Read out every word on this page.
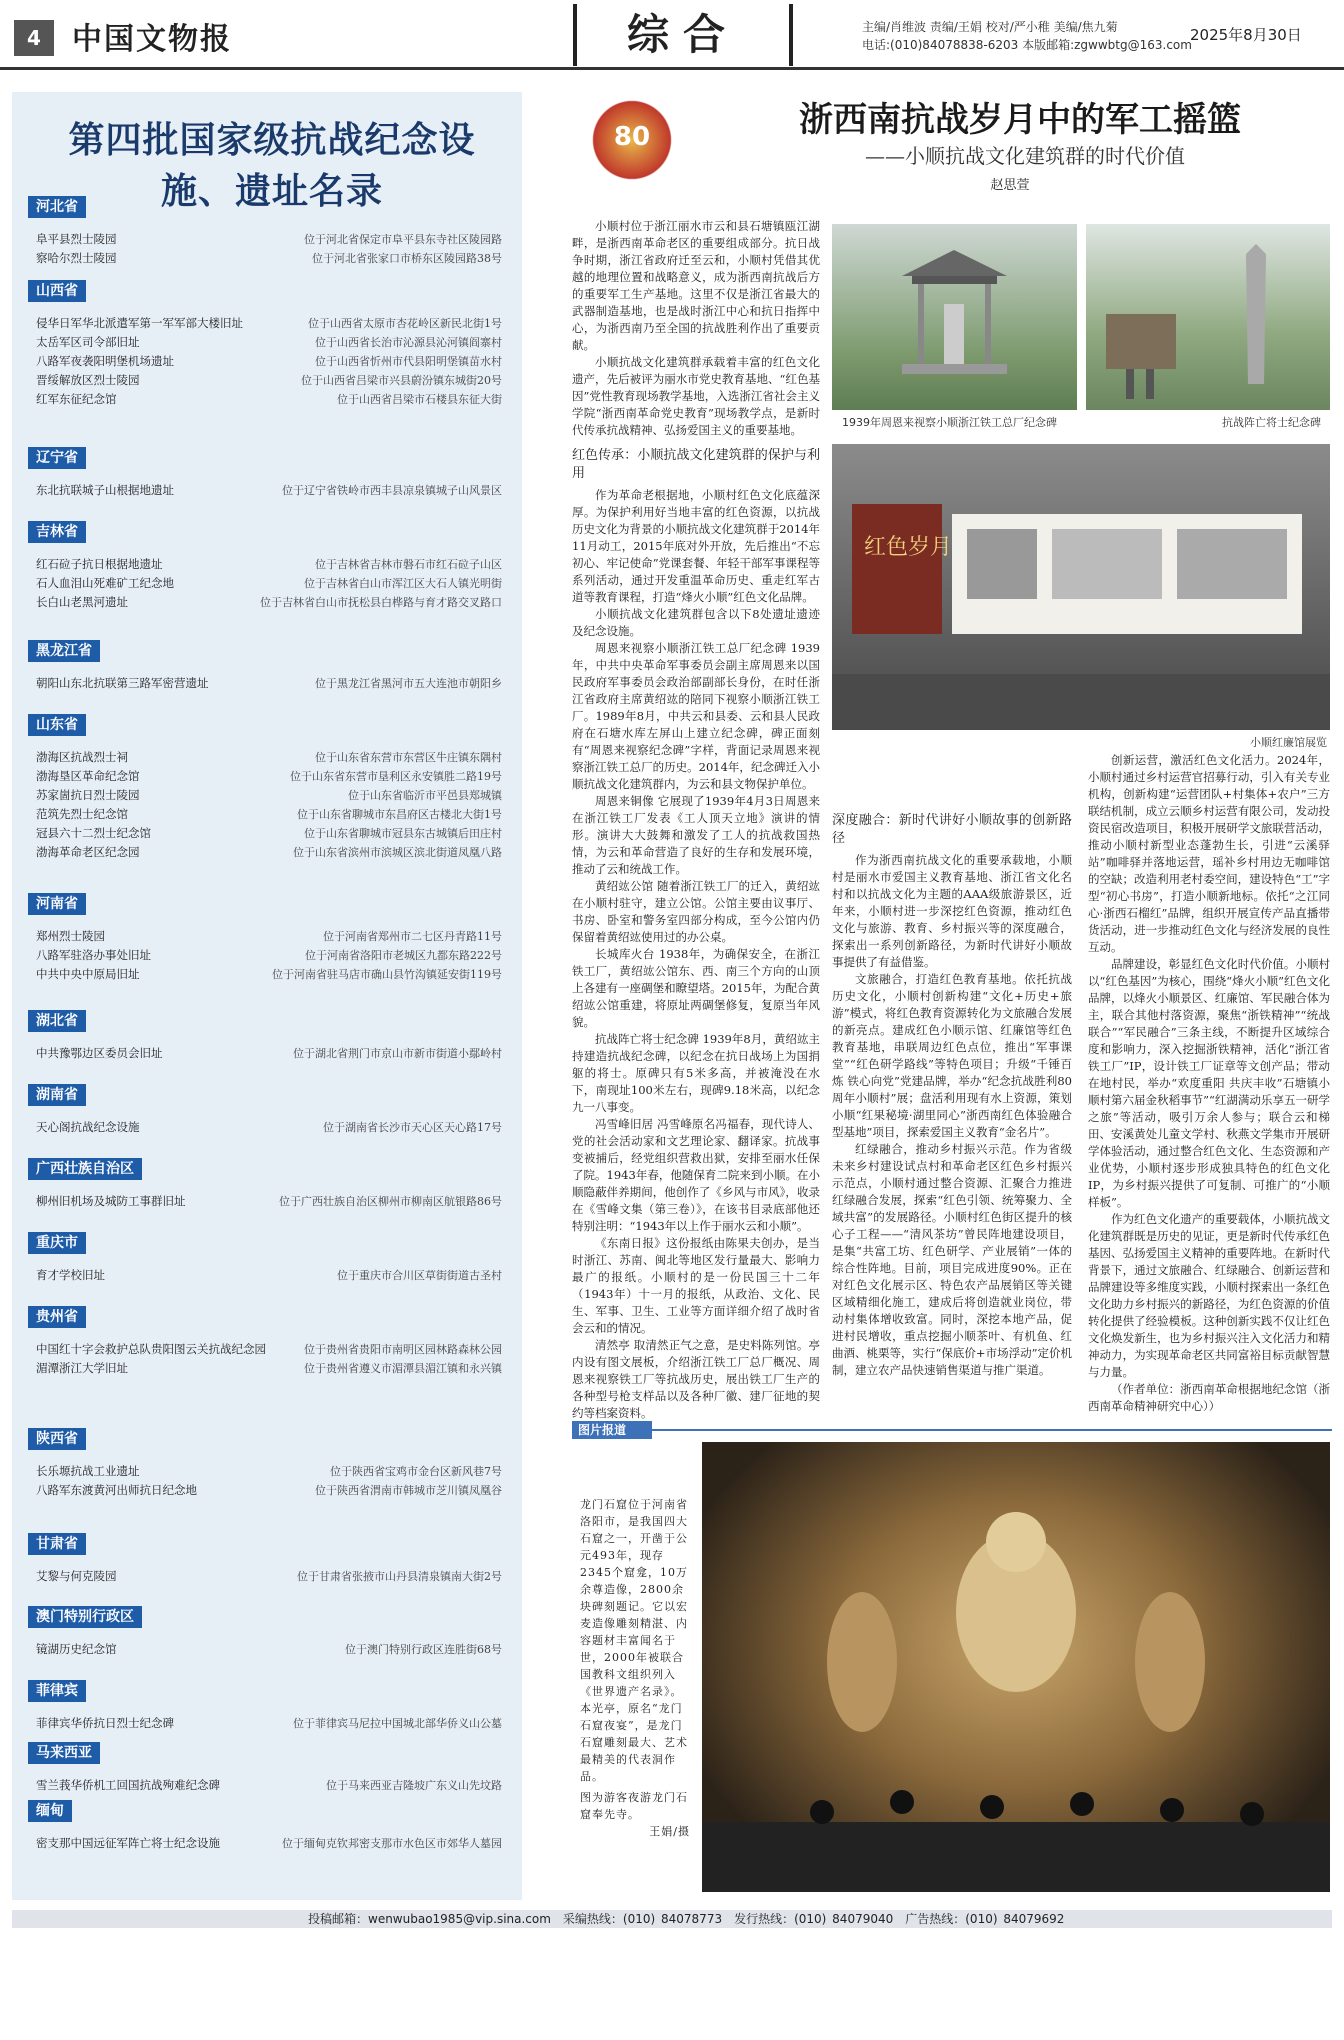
4	中国文物报	综合	主编/肖维波 责编/王娟 校对/严小稚 美编/焦九菊
电话:(010)84078838-6203 本版邮箱:zgwwbtg@163.com
2025年8月30日
第四批国家级抗战纪念设施、遗址名录
河北省
阜平县烈士陵园	位于河北省保定市阜平县东寺社区陵园路
察哈尔烈士陵园	位于河北省张家口市桥东区陵园路38号
山西省
侵华日军华北派遣军第一军军部大楼旧址	位于山西省太原市杏花岭区新民北街1号
太岳军区司令部旧址	位于山西省长治市沁源县沁河镇阎寨村
八路军夜袭阳明堡机场遗址	位于山西省忻州市代县阳明堡镇苗水村
晋绥解放区烈士陵园	位于山西省吕梁市兴县蔚汾镇东城街20号
红军东征纪念馆	位于山西省吕梁市石楼县东征大街
辽宁省
东北抗联城子山根据地遗址	位于辽宁省铁岭市西丰县凉泉镇城子山风景区
吉林省
红石砬子抗日根据地遗址	位于吉林省吉林市磐石市红石砬子山区
石人血泪山死难矿工纪念地	位于吉林省白山市浑江区大石人镇光明街
长白山老黑河遗址	位于吉林省白山市抚松县白桦路与育才路交叉路口
黑龙江省
朝阳山东北抗联第三路军密营遗址	位于黑龙江省黑河市五大连池市朝阳乡
山东省
渤海区抗战烈士祠	位于山东省东营市东营区牛庄镇东隅村
渤海垦区革命纪念馆	位于山东省东营市垦利区永安镇胜二路19号
苏家崮抗日烈士陵园	位于山东省临沂市平邑县郑城镇
范筑先烈士纪念馆	位于山东省聊城市东昌府区古楼北大街1号
冠县六十二烈士纪念馆	位于山东省聊城市冠县东古城镇后田庄村
渤海革命老区纪念园	位于山东省滨州市滨城区滨北街道凤凰八路
河南省
郑州烈士陵园	位于河南省郑州市二七区丹青路11号
八路军驻洛办事处旧址	位于河南省洛阳市老城区九都东路222号
中共中央中原局旧址	位于河南省驻马店市确山县竹沟镇延安街119号
湖北省
中共豫鄂边区委员会旧址	位于湖北省荆门市京山市新市街道小鄢岭村
湖南省
天心阁抗战纪念设施	位于湖南省长沙市天心区天心路17号
广西壮族自治区
柳州旧机场及城防工事群旧址	位于广西壮族自治区柳州市柳南区航银路86号
重庆市
育才学校旧址	位于重庆市合川区草街街道古圣村
贵州省
中国红十字会救护总队贵阳图云关抗战纪念园	位于贵州省贵阳市南明区园林路森林公园
湄潭浙江大学旧址	位于贵州省遵义市湄潭县湄江镇和永兴镇
陕西省
长乐塬抗战工业遗址	位于陕西省宝鸡市金台区新风巷7号
八路军东渡黄河出师抗日纪念地	位于陕西省渭南市韩城市芝川镇凤凰谷
甘肃省
艾黎与何克陵园	位于甘肃省张掖市山丹县清泉镇南大街2号
澳门特别行政区
镜湖历史纪念馆	位于澳门特别行政区连胜街68号
菲律宾
菲律宾华侨抗日烈士纪念碑	位于菲律宾马尼拉中国城北部华侨义山公墓
马来西亚
雪兰莪华侨机工回国抗战殉难纪念碑	位于马来西亚吉隆坡广东义山先坟路
缅甸
密支那中国远征军阵亡将士纪念设施	位于缅甸克钦邦密支那市水色区市郊华人墓园
80	浙西南抗战岁月中的军工摇篮
——小顺抗战文化建筑群的时代价值
赵思萱

小顺村位于浙江丽水市云和县石塘镇瓯江湖畔，是浙西南革命老区的重要组成部分。抗日战争时期，浙江省政府迁至云和，小顺村凭借其优越的地理位置和战略意义，成为浙西南抗战后方的重要军工生产基地。这里不仅是浙江省最大的武器制造基地，也是战时浙江中心和抗日指挥中心，为浙西南乃至全国的抗战胜利作出了重要贡献。

小顺抗战文化建筑群承载着丰富的红色文化遗产，先后被评为丽水市党史教育基地、“红色基因”党性教育现场教学基地，入选浙江省社会主义学院“浙西南革命党史教育”现场教学点，是新时代传承抗战精神、弘扬爱国主义的重要基地。

红色传承：小顺抗战文化建筑群的保护与利用

作为革命老根据地，小顺村红色文化底蕴深厚。为保护利用好当地丰富的红色资源，以抗战历史文化为背景的小顺抗战文化建筑群于2014年11月动工，2015年底对外开放，先后推出“不忘初心、牢记使命”党课套餐、年轻干部军事课程等系列活动，通过开发重温革命历史、重走红军古道等教育课程，打造“烽火小顺”红色文化品牌。

小顺抗战文化建筑群包含以下8处遗址遗迹及纪念设施。

周恩来视察小顺浙江铁工总厂纪念碑 1939年，中共中央革命军事委员会副主席周恩来以国民政府军事委员会政治部副部长身份，在时任浙江省政府主席黄绍竑的陪同下视察小顺浙江铁工厂。1989年8月，中共云和县委、云和县人民政府在石塘水库左屏山上建立纪念碑，碑正面刻有“周恩来视察纪念碑”字样，背面记录周恩来视察浙江铁工总厂的历史。2014年，纪念碑迁入小顺抗战文化建筑群内，为云和县文物保护单位。

周恩来铜像 它展现了1939年4月3日周恩来在浙江铁工厂发表《工人顶天立地》演讲的情形。演讲大大鼓舞和激发了工人的抗战救国热情，为云和革命营造了良好的生存和发展环境，推动了云和统战工作。

黄绍竑公馆 随着浙江铁工厂的迁入，黄绍竑在小顺村驻守，建立公馆。公馆主要由议事厅、书房、卧室和警务室四部分构成，至今公馆内仍保留着黄绍竑使用过的办公桌。

长城库火台 1938年，为确保安全，在浙江铁工厂，黄绍竑公馆东、西、南三个方向的山顶上各建有一座碉堡和瞭望塔。2015年，为配合黄绍竑公馆重建，将原址两碉堡修复，复原当年风貌。

抗战阵亡将士纪念碑 1939年8月，黄绍竑主持建造抗战纪念碑，以纪念在抗日战场上为国捐躯的将士。原碑只有5米多高，并被淹没在水下，南现址100米左右，现碑9.18米高，以纪念九一八事变。

冯雪峰旧居 冯雪峰原名冯福春，现代诗人、党的社会活动家和文艺理论家、翻译家。抗战事变被捕后，经党组织营救出狱，安排至丽水任保了院。1943年春，他随保育二院来到小顺。在小顺隐蔽伴养期间，他创作了《乡风与市风》，收录在《雪峰文集（第三卷）》，在该书目录底部他还特别注明：“1943年以上作于丽水云和小顺”。

《东南日报》这份报纸由陈果夫创办，是当时浙江、苏南、闽北等地区发行量最大、影响力最广的报纸。小顺村的是一份民国三十二年（1943年）十一月的报纸，从政治、文化、民生、军事、卫生、工业等方面详细介绍了战时省会云和的情况。

清然亭 取清然正气之意，是史料陈列馆。亭内设有图文展板，介绍浙江铁工厂总厂概况、周恩来视察铁工厂等抗战历史，展出铁工厂生产的各种型号枪支样品以及各种厂徽、建厂征地的契约等档案资料。

1939年周恩来视察小顺浙江铁工总厂纪念碑	抗战阵亡将士纪念碑
红色岁月
小顺红廉馆展览
深度融合：新时代讲好小顺故事的创新路径

作为浙西南抗战文化的重要承载地，小顺村是丽水市爱国主义教育基地、浙江省文化名村和以抗战文化为主题的AAA级旅游景区，近年来，小顺村进一步深挖红色资源，推动红色文化与旅游、教育、乡村振兴等的深度融合，探索出一系列创新路径，为新时代讲好小顺故事提供了有益借鉴。

文旅融合，打造红色教育基地。依托抗战历史文化，小顺村创新构建“文化+历史+旅游”模式，将红色教育资源转化为文旅融合发展的新亮点。建成红色小顺示馆、红廉馆等红色教育基地，串联周边红色点位，推出“军事课堂”“红色研学路线”等特色项目；升级“千锤百炼 铁心向党”党建品牌，举办“纪念抗战胜利80周年小顺村”展；盘活利用现有水上资源，策划小顺“红果秘境·湖里同心”浙西南红色体验融合型基地”项目，探索爱国主义教育“金名片”。

红绿融合，推动乡村振兴示范。作为省级未来乡村建设试点村和革命老区红色乡村振兴示范点，小顺村通过整合资源、汇聚合力推进红绿融合发展，探索“红色引领、统筹聚力、全域共富”的发展路径。小顺村红色街区提升的核心子工程——“清风茶坊”曾民阵地建设项目，是集“共富工坊、红色研学、产业展销”一体的综合性阵地。目前，项目完成进度90%。正在对红色文化展示区、特色农产品展销区等关键区域精细化施工，建成后将创造就业岗位，带动村集体增收致富。同时，深挖本地产品，促进村民增收，重点挖掘小顺茶叶、有机鱼、红曲酒、桃栗等，实行“保底价+市场浮动”定价机制，建立农产品快速销售渠道与推广渠道。

创新运营，激活红色文化活力。2024年，小顺村通过乡村运营官招募行动，引入有关专业机构，创新构建“运营团队+村集体+农户”三方联结机制，成立云顺乡村运营有限公司，发动投资民宿改造项目，积极开展研学文旅联营活动，推动小顺村新型业态蓬勃生长，引进“云溪驿站”咖啡驿并落地运营，瑶补乡村用边无咖啡馆的空缺；改造利用老村委空间，建设特色“工”字型“初心书房”，打造小顺新地标。依托“之江同心·浙西石榴红”品牌，组织开展宣传产品直播带货活动，进一步推动红色文化与经济发展的良性互动。

品牌建设，彰显红色文化时代价值。小顺村以“红色基因”为核心，围绕“烽火小顺”红色文化品牌，以烽火小顺景区、红廉馆、军民融合体为主，联合其他村落资源，聚焦“浙铁精神”“统战联合”“军民融合”三条主线，不断提升区域综合度和影响力，深入挖掘浙铁精神，活化“浙江省铁工厂”IP，设计铁工厂证章等文创产品；带动在地村民，举办“欢度重阳 共庆丰收”石塘镇小顺村第六届金秋稻事节”“红湖满动乐享五一研学之旅”等活动，吸引万余人参与；联合云和梯田、安溪黄处儿童文学村、秋燕文学集市开展研学体验活动，通过整合红色文化、生态资源和产业优势，小顺村逐步形成独具特色的红色文化IP，为乡村振兴提供了可复制、可推广的“小顺样板”。

作为红色文化遗产的重要载体，小顺抗战文化建筑群既是历史的见证，更是新时代传承红色基因、弘扬爱国主义精神的重要阵地。在新时代背景下，通过文旅融合、红绿融合、创新运营和品牌建设等多维度实践，小顺村探索出一条红色文化助力乡村振兴的新路径，为红色资源的价值转化提供了经验模板。这种创新实践不仅让红色文化焕发新生，也为乡村振兴注入文化活力和精神动力，为实现革命老区共同富裕目标贡献智慧与力量。

（作者单位：浙西南革命根据地纪念馆（浙西南革命精神研究中心））

图片报道
龙门石窟位于河南省洛阳市，是我国四大石窟之一，开凿于公元493年，现存2345个窟龛，10万余尊造像，2800余块碑刻题记。它以宏麦造像雕刻精湛、内容题材丰富闻名于世，2000年被联合国教科文组织列入《世界遗产名录》。本光亭，原名“龙门石窟夜宴”，是龙门石窟雕刻最大、艺术最精美的代表洞作品。
图为游客夜游龙门石窟奉先寺。
王娟/摄
投稿邮箱：wenwubao1985@vip.sina.com　采编热线：(010) 84078773　发行热线：(010) 84079040　广告热线：(010) 84079692
